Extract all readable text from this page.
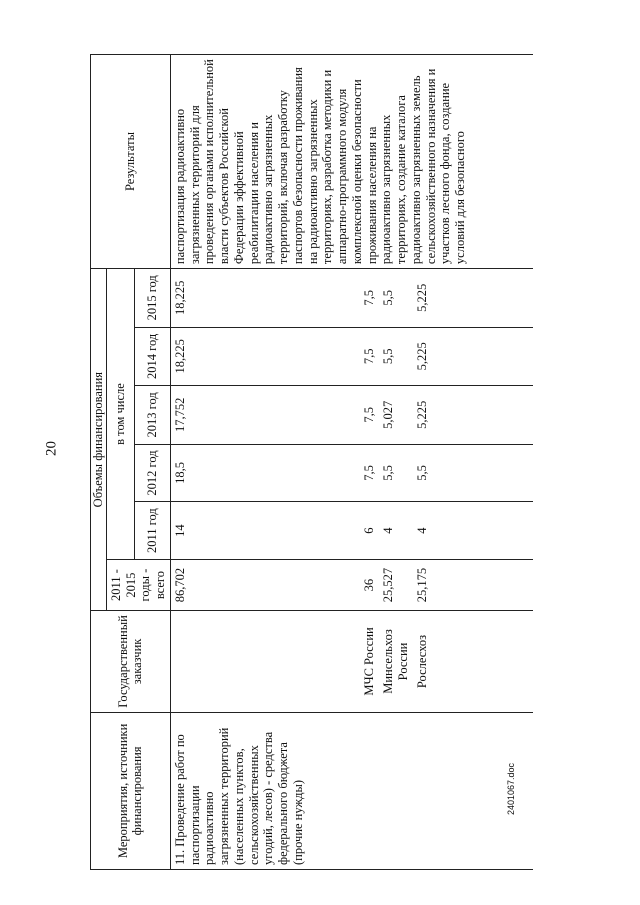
20
2401067.doc
Мероприятия, источники финансирования	Государственный заказчик	Объемы финансирования						Результаты
		2011 - 2015 годы - всего	в том числе					
			2011 год	2012 год	2013 год	2014 год	2015 год	
11. Проведение работ по паспортизации радиоактивно загрязненных территорий (населенных пунктов, сельскохозяйственных угодий, лесов) - средства федерального бюджета (прочие нужды)		86,702	14	18,5	17,752	18,225	18,225	паспортизация радиоактивно загрязненных территорий для проведения органами исполнительной власти субъектов Российской Федерации эффективной реабилитации населения и радиоактивно загрязненных территорий, включая разработку паспортов безопасности проживания на радиоактивно загрязненных территориях, разработка методики и аппаратно-программного модуля комплексной оценки безопасности проживания населения на радиоактивно загрязненных территориях, создание каталога радиоактивно загрязненных земель сельскохозяйственного назначения и участков лесного фонда, создание условий для безопасного
	МЧС России	36	6	7,5	7,5	7,5	7,5	
	Минсельхоз России	25,527	4	5,5	5,027	5,5	5,5	
	Рослесхоз	25,175	4	5,5	5,225	5,225	5,225	
